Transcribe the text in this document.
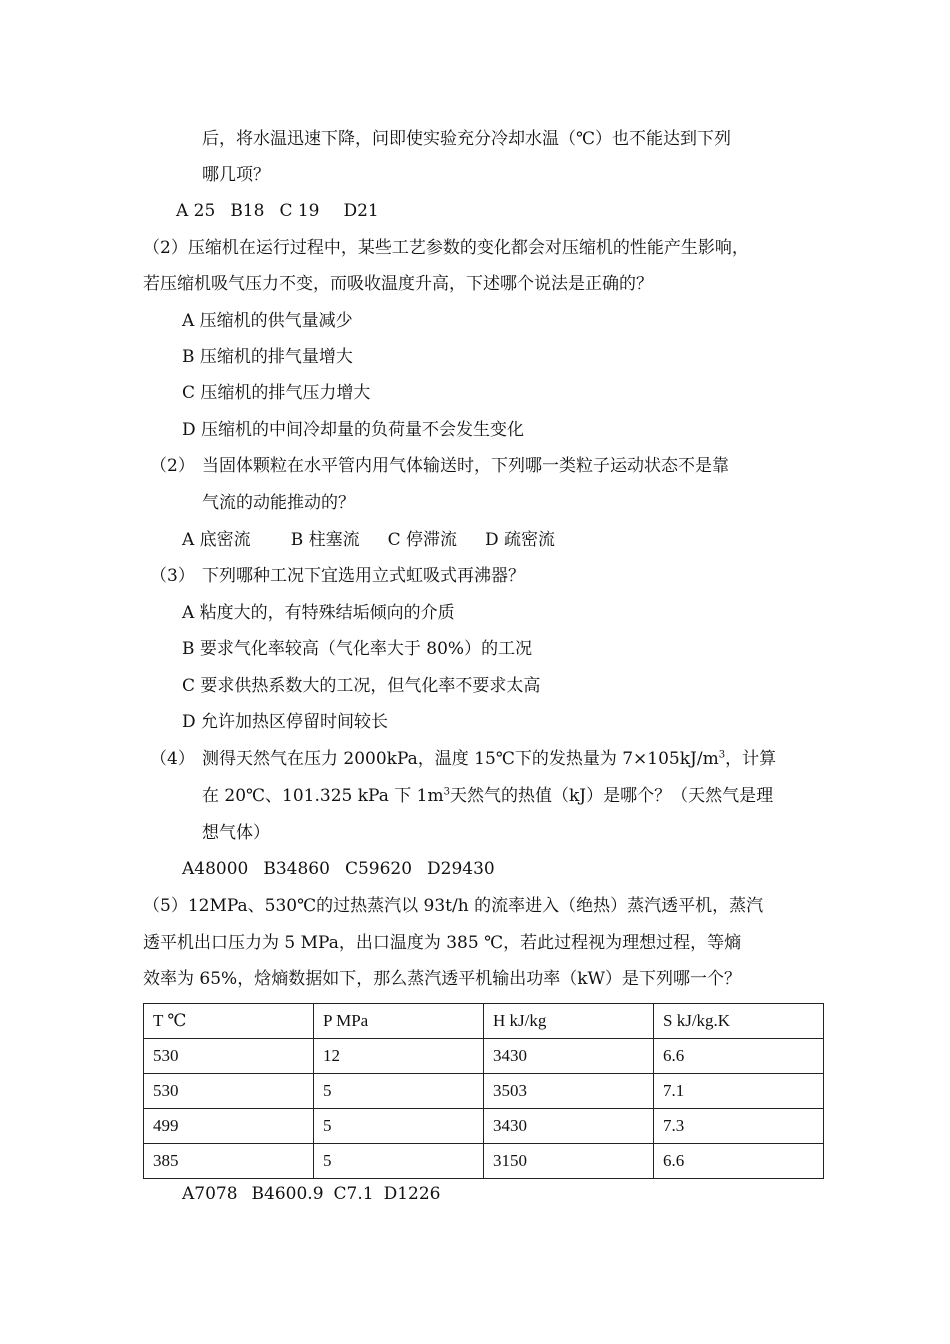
后，将水温迅速下降，问即使实验充分冷却水温（℃）也不能达到下列
哪几项？
A 25 B18 C 19 D21
（2）压缩机在运行过程中，某些工艺参数的变化都会对压缩机的性能产生影响，
若压缩机吸气压力不变，而吸收温度升高，下述哪个说法是正确的？
A 压缩机的供气量减少
B 压缩机的排气量增大
C 压缩机的排气压力增大
D 压缩机的中间冷却量的负荷量不会发生变化
（2） 当固体颗粒在水平管内用气体输送时，下列哪一类粒子运动状态不是靠
气流的动能推动的？
A 底密流 B 柱塞流 C 停滞流 D 疏密流
（3） 下列哪种工况下宜选用立式虹吸式再沸器？
A 粘度大的，有特殊结垢倾向的介质
B 要求气化率较高（气化率大于 80%）的工况
C 要求供热系数大的工况，但气化率不要求太高
D 允许加热区停留时间较长
（4） 测得天然气在压力 2000kPa，温度 15℃下的发热量为 $7\times 105kJ/m^3$，计算
在 20℃、101.325 kPa 下 $1m^3$天然气的热值（kJ）是哪个？（天然气是理
想气体）
A48000 B34860 C59620 D29430
（5）12MPa、530℃的过热蒸汽以 93t/h 的流率进入（绝热）蒸汽透平机，蒸汽
透平机出口压力为 5 MPa，出口温度为 385 ℃，若此过程视为理想过程，等熵
效率为 65%，焓熵数据如下，那么蒸汽透平机输出功率（kW）是下列哪一个？
T ℃	P MPa	H kJ/kg	S kJ/kg.K
530	12	3430	6.6
530	5	3503	7.1
499	5	3430	7.3
385	5	3150	6.6
A7078 B4600.9 C7.1 D1226
